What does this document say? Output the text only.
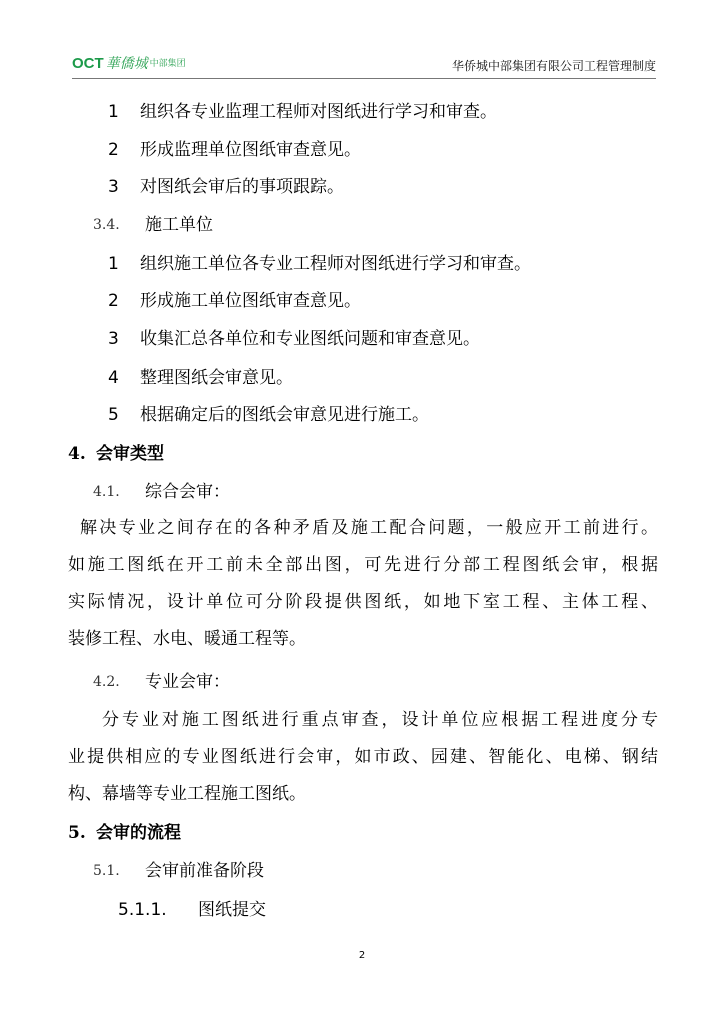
OCT 華僑城 中部集团	华侨城中部集团有限公司工程管理制度
1 组织各专业监理工程师对图纸进行学习和审查。
2 形成监理单位图纸审查意见。
3 对图纸会审后的事项跟踪。
3.4. 施工单位
1 组织施工单位各专业工程师对图纸进行学习和审查。
2 形成施工单位图纸审查意见。
3 收集汇总各单位和专业图纸问题和审查意见。
4 整理图纸会审意见。
5 根据确定后的图纸会审意见进行施工。
4. 会审类型
4.1. 综合会审：
解决专业之间存在的各种矛盾及施工配合问题，一般应开工前进行。
如施工图纸在开工前未全部出图，可先进行分部工程图纸会审，根据
实际情况，设计单位可分阶段提供图纸，如地下室工程、主体工程、
装修工程、水电、暖通工程等。
4.2. 专业会审：
分专业对施工图纸进行重点审查，设计单位应根据工程进度分专
业提供相应的专业图纸进行会审，如市政、园建、智能化、电梯、钢结
构、幕墙等专业工程施工图纸。
5. 会审的流程
5.1. 会审前准备阶段
5.1.1. 图纸提交
2
